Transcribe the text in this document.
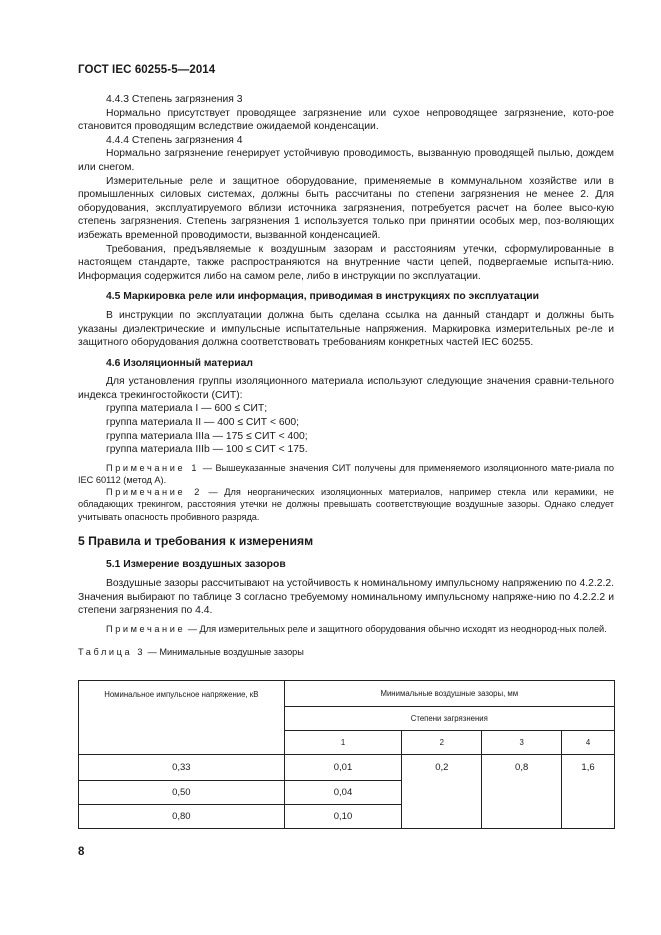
ГОСТ IEC 60255-5—2014

4.4.3 Степень загрязнения 3

Нормально присутствует проводящее загрязнение или сухое непроводящее загрязнение, кото-рое становится проводящим вследствие ожидаемой конденсации.

4.4.4 Степень загрязнения 4

Нормально загрязнение генерирует устойчивую проводимость, вызванную проводящей пылью, дождем или снегом.

Измерительные реле и защитное оборудование, применяемые в коммунальном хозяйстве или в промышленных силовых системах, должны быть рассчитаны по степени загрязнения не менее 2. Для оборудования, эксплуатируемого вблизи источника загрязнения, потребуется расчет на более высо-кую степень загрязнения. Степень загрязнения 1 используется только при принятии особых мер, поз-воляющих избежать временной проводимости, вызванной конденсацией.

Требования, предъявляемые к воздушным зазорам и расстояниям утечки, сформулированные в настоящем стандарте, также распространяются на внутренние части цепей, подвергаемые испыта-нию. Информация содержится либо на самом реле, либо в инструкции по эксплуатации.

4.5 Маркировка реле или информация, приводимая в инструкциях по эксплуатации

В инструкции по эксплуатации должна быть сделана ссылка на данный стандарт и должны быть указаны диэлектрические и импульсные испытательные напряжения. Маркировка измерительных ре-ле и защитного оборудования должна соответствовать требованиям конкретных частей IEC 60255.

4.6 Изоляционный материал

Для установления группы изоляционного материала используют следующие значения сравни-тельного индекса трекингостойкости (СИТ):

группа материала I — 600 ≤ СИТ;

группа материала II — 400 ≤ СИТ < 600;

группа материала IIIa — 175 ≤ СИТ < 400;

группа материала IIIb — 100 ≤ СИТ < 175.

Примечание 1 — Вышеуказанные значения СИТ получены для применяемого изоляционного мате-риала по IEC 60112 (метод А).

Примечание 2 — Для неорганических изоляционных материалов, например стекла или керамики, не обладающих трекингом, расстояния утечки не должны превышать соответствующие воздушные зазоры. Однако следует учитывать опасность пробивного разряда.

5 Правила и требования к измерениям

5.1 Измерение воздушных зазоров

Воздушные зазоры рассчитывают на устойчивость к номинальному импульсному напряжению по 4.2.2.2. Значения выбирают по таблице 3 согласно требуемому номинальному импульсному напряже-нию по 4.2.2.2 и степени загрязнения по 4.4.

Примечание — Для измерительных реле и защитного оборудования обычно исходят из неоднород-ных полей.

Таблица 3 — Минимальные воздушные зазоры

Номинальное импульсное напряжение, кВ	Минимальные воздушные зазоры, мм			
	Степени загрязнения			
	1	2	3	4
0,33	0,01	0,2	0,8	1,6
0,50	0,04			
0,80	0,10			
8
